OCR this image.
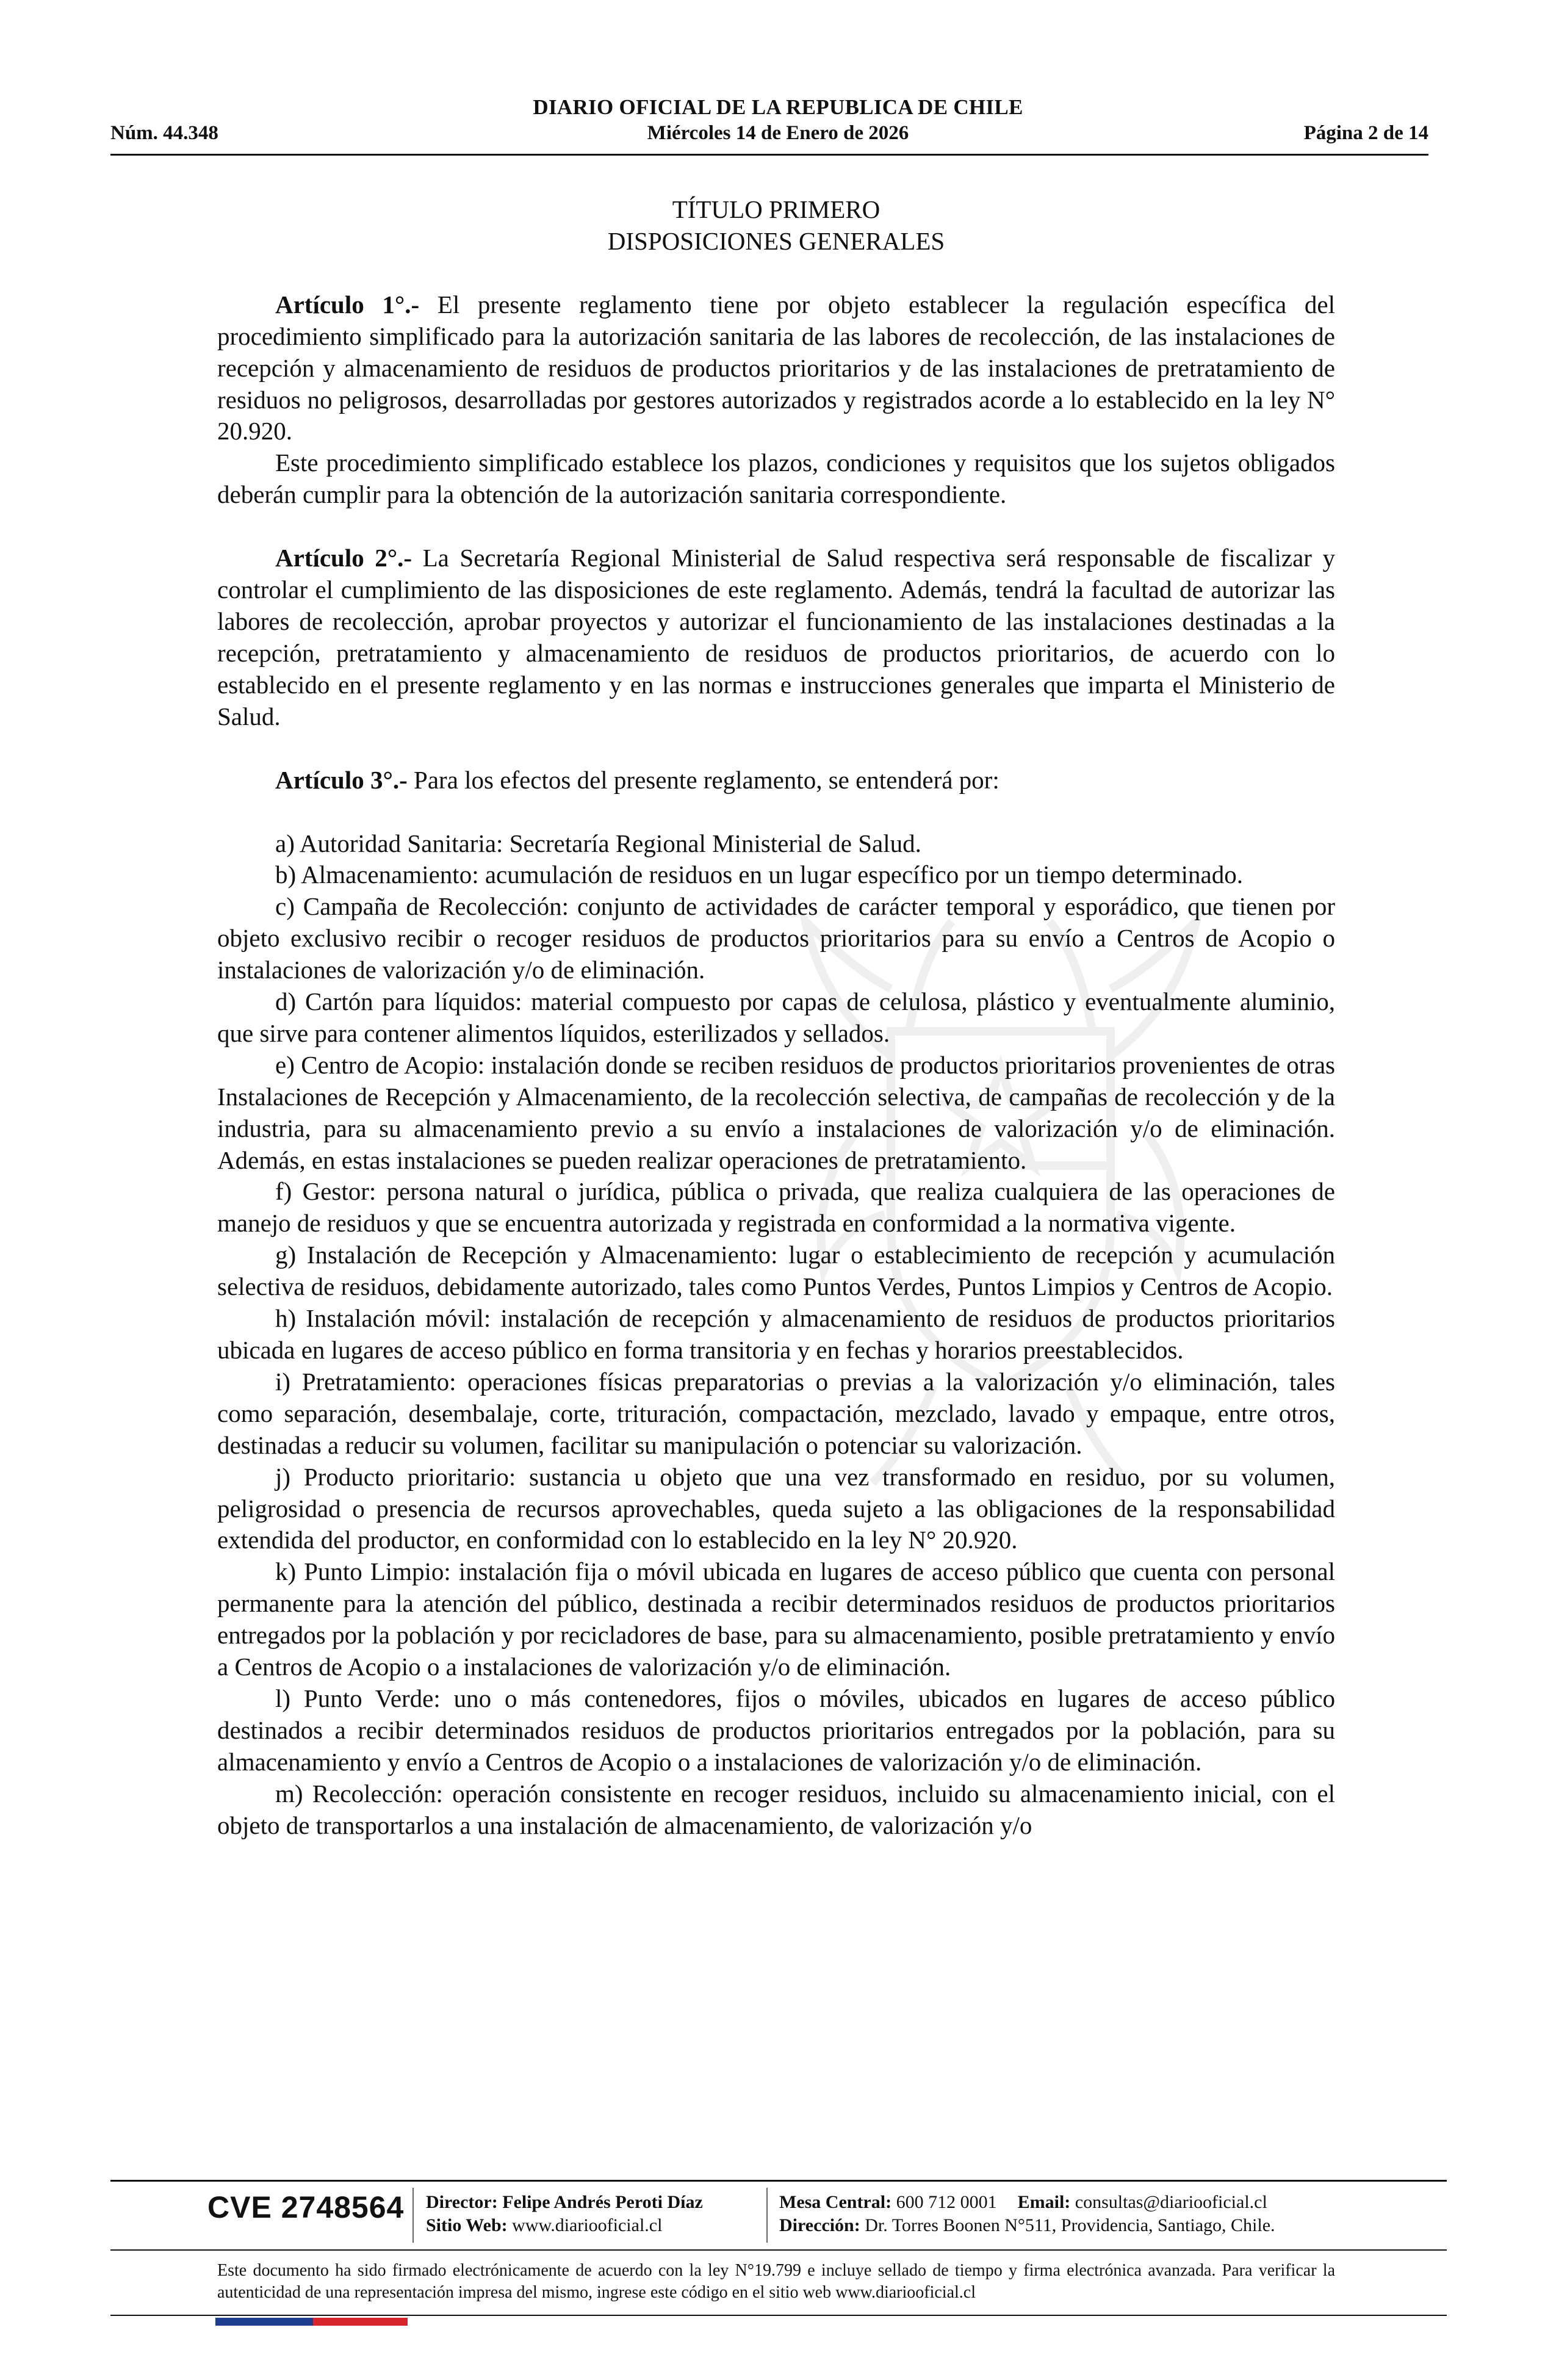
DIARIO OFICIAL DE LA REPUBLICA DE CHILE
Núm. 44.348	Miércoles 14 de Enero de 2026	Página 2 de 14

TÍTULO PRIMERO

DISPOSICIONES GENERALES

Artículo 1°.- El presente reglamento tiene por objeto establecer la regulación específica del procedimiento simplificado para la autorización sanitaria de las labores de recolección, de las instalaciones de recepción y almacenamiento de residuos de productos prioritarios y de las instalaciones de pretratamiento de residuos no peligrosos, desarrolladas por gestores autorizados y registrados acorde a lo establecido en la ley N° 20.920.

Este procedimiento simplificado establece los plazos, condiciones y requisitos que los sujetos obligados deberán cumplir para la obtención de la autorización sanitaria correspondiente.

Artículo 2°.- La Secretaría Regional Ministerial de Salud respectiva será responsable de fiscalizar y controlar el cumplimiento de las disposiciones de este reglamento. Además, tendrá la facultad de autorizar las labores de recolección, aprobar proyectos y autorizar el funcionamiento de las instalaciones destinadas a la recepción, pretratamiento y almacenamiento de residuos de productos prioritarios, de acuerdo con lo establecido en el presente reglamento y en las normas e instrucciones generales que imparta el Ministerio de Salud.

Artículo 3°.- Para los efectos del presente reglamento, se entenderá por:

a) Autoridad Sanitaria: Secretaría Regional Ministerial de Salud.

b) Almacenamiento: acumulación de residuos en un lugar específico por un tiempo determinado.

c) Campaña de Recolección: conjunto de actividades de carácter temporal y esporádico, que tienen por objeto exclusivo recibir o recoger residuos de productos prioritarios para su envío a Centros de Acopio o instalaciones de valorización y/o de eliminación.

d) Cartón para líquidos: material compuesto por capas de celulosa, plástico y eventualmente aluminio, que sirve para contener alimentos líquidos, esterilizados y sellados.

e) Centro de Acopio: instalación donde se reciben residuos de productos prioritarios provenientes de otras Instalaciones de Recepción y Almacenamiento, de la recolección selectiva, de campañas de recolección y de la industria, para su almacenamiento previo a su envío a instalaciones de valorización y/o de eliminación. Además, en estas instalaciones se pueden realizar operaciones de pretratamiento.

f) Gestor: persona natural o jurídica, pública o privada, que realiza cualquiera de las operaciones de manejo de residuos y que se encuentra autorizada y registrada en conformidad a la normativa vigente.

g) Instalación de Recepción y Almacenamiento: lugar o establecimiento de recepción y acumulación selectiva de residuos, debidamente autorizado, tales como Puntos Verdes, Puntos Limpios y Centros de Acopio.

h) Instalación móvil: instalación de recepción y almacenamiento de residuos de productos prioritarios ubicada en lugares de acceso público en forma transitoria y en fechas y horarios preestablecidos.

i) Pretratamiento: operaciones físicas preparatorias o previas a la valorización y/o eliminación, tales como separación, desembalaje, corte, trituración, compactación, mezclado, lavado y empaque, entre otros, destinadas a reducir su volumen, facilitar su manipulación o potenciar su valorización.

j) Producto prioritario: sustancia u objeto que una vez transformado en residuo, por su volumen, peligrosidad o presencia de recursos aprovechables, queda sujeto a las obligaciones de la responsabilidad extendida del productor, en conformidad con lo establecido en la ley N° 20.920.

k) Punto Limpio: instalación fija o móvil ubicada en lugares de acceso público que cuenta con personal permanente para la atención del público, destinada a recibir determinados residuos de productos prioritarios entregados por la población y por recicladores de base, para su almacenamiento, posible pretratamiento y envío a Centros de Acopio o a instalaciones de valorización y/o de eliminación.

l) Punto Verde: uno o más contenedores, fijos o móviles, ubicados en lugares de acceso público destinados a recibir determinados residuos de productos prioritarios entregados por la población, para su almacenamiento y envío a Centros de Acopio o a instalaciones de valorización y/o de eliminación.

m) Recolección: operación consistente en recoger residuos, incluido su almacenamiento inicial, con el objeto de transportarlos a una instalación de almacenamiento, de valorización y/o

CVE 2748564 Director: Felipe Andrés Peroti Díaz
Sitio Web: www.diariooficial.cl
Mesa Central: 600 712 0001 Email: consultas@diariooficial.cl
Dirección: Dr. Torres Boonen N°511, Providencia, Santiago, Chile.
Este documento ha sido firmado electrónicamente de acuerdo con la ley N°19.799 e incluye sellado de tiempo y firma electrónica avanzada. Para verificar la autenticidad de una representación impresa del mismo, ingrese este código en el sitio web www.diariooficial.cl
